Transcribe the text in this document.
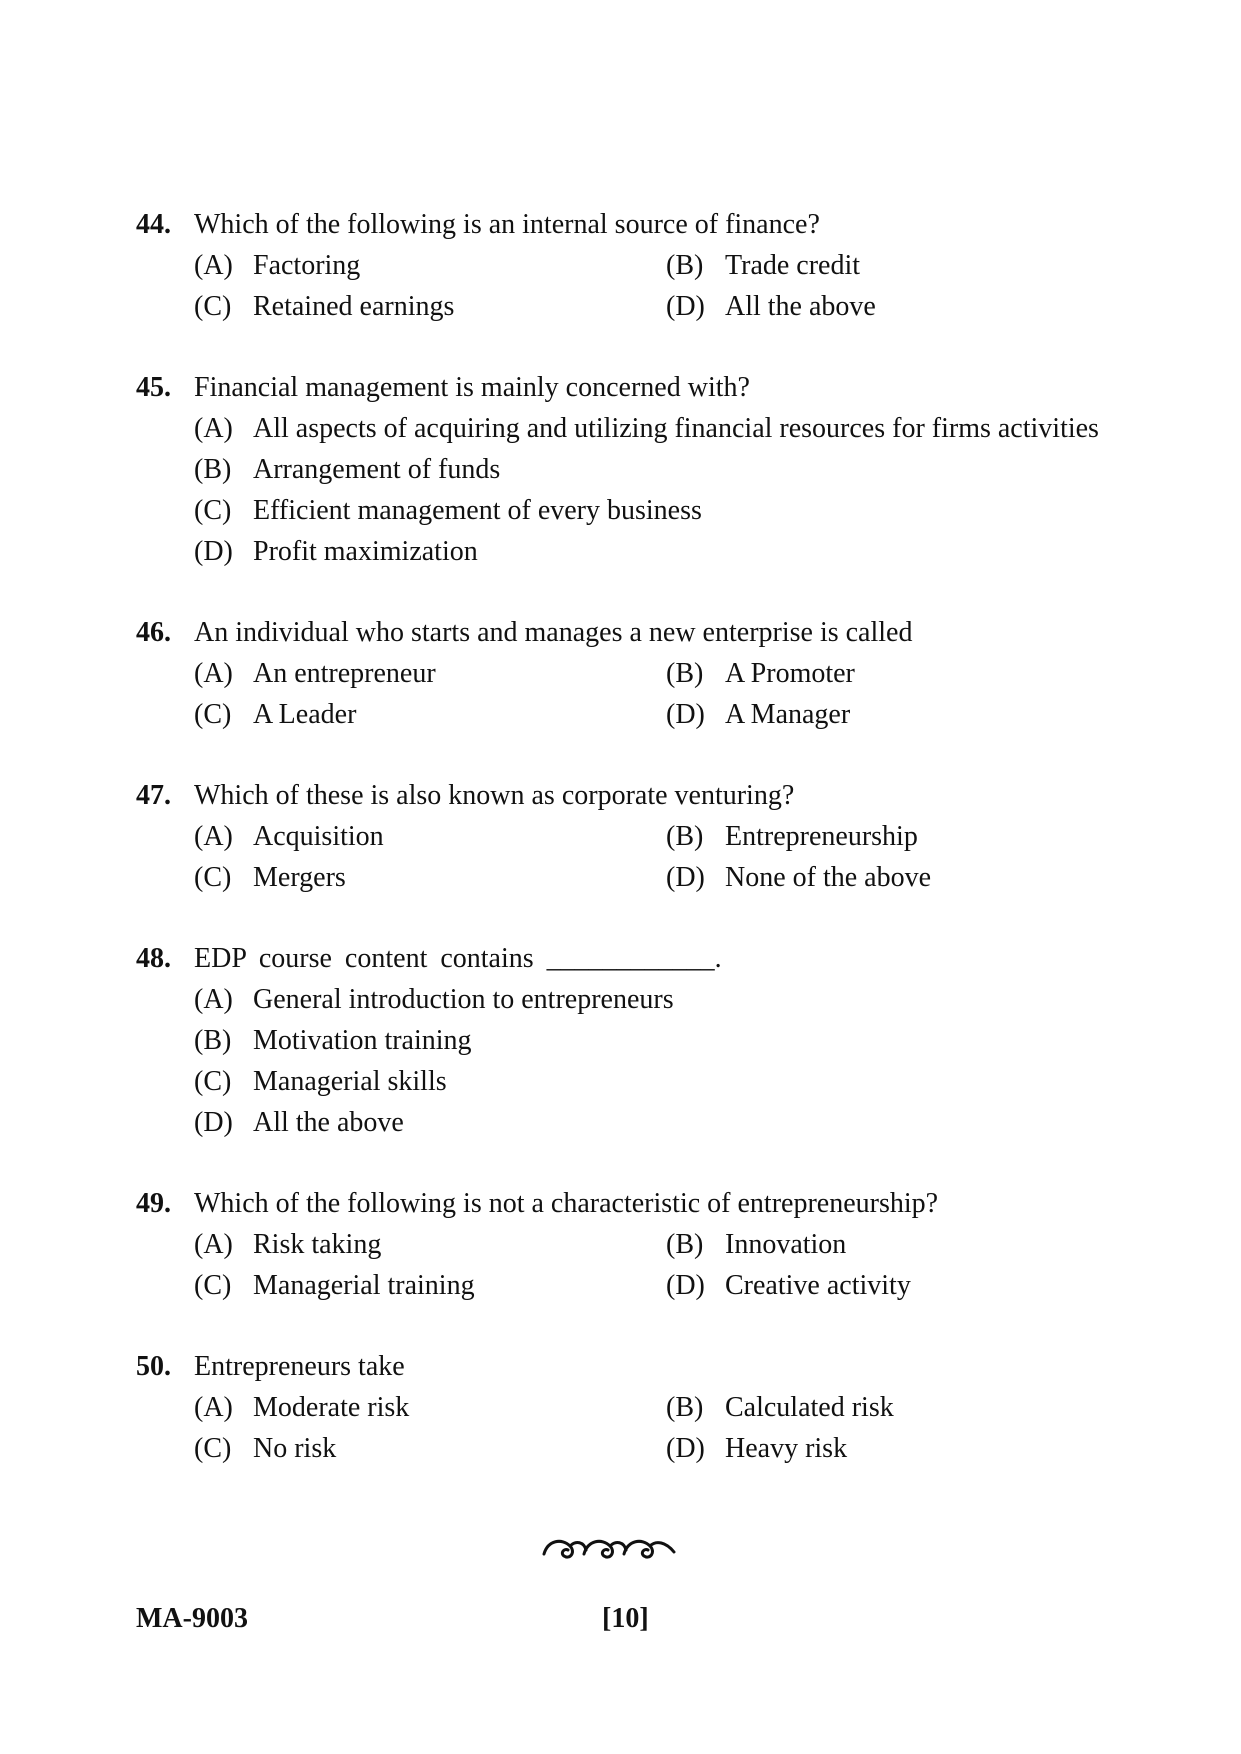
44. Which of the following is an internal source of finance?
(A) Factoring	(B) Trade credit
(C) Retained earnings	(D) All the above
45. Financial management is mainly concerned with?
(A) All aspects of acquiring and utilizing financial resources for firms activities
(B) Arrangement of funds
(C) Efficient management of every business
(D) Profit maximization
46. An individual who starts and manages a new enterprise is called
(A) An entrepreneur	(B) A Promoter
(C) A Leader	(D) A Manager
47. Which of these is also known as corporate venturing?
(A) Acquisition	(B) Entrepreneurship
(C) Mergers	(D) None of the above
48. EDP course content contains ____________.
(A) General introduction to entrepreneurs
(B) Motivation training
(C) Managerial skills
(D) All the above
49. Which of the following is not a characteristic of entrepreneurship?
(A) Risk taking	(B) Innovation
(C) Managerial training	(D) Creative activity
50. Entrepreneurs take
(A) Moderate risk	(B) Calculated risk
(C) No risk	(D) Heavy risk
MA-9003	[10]
